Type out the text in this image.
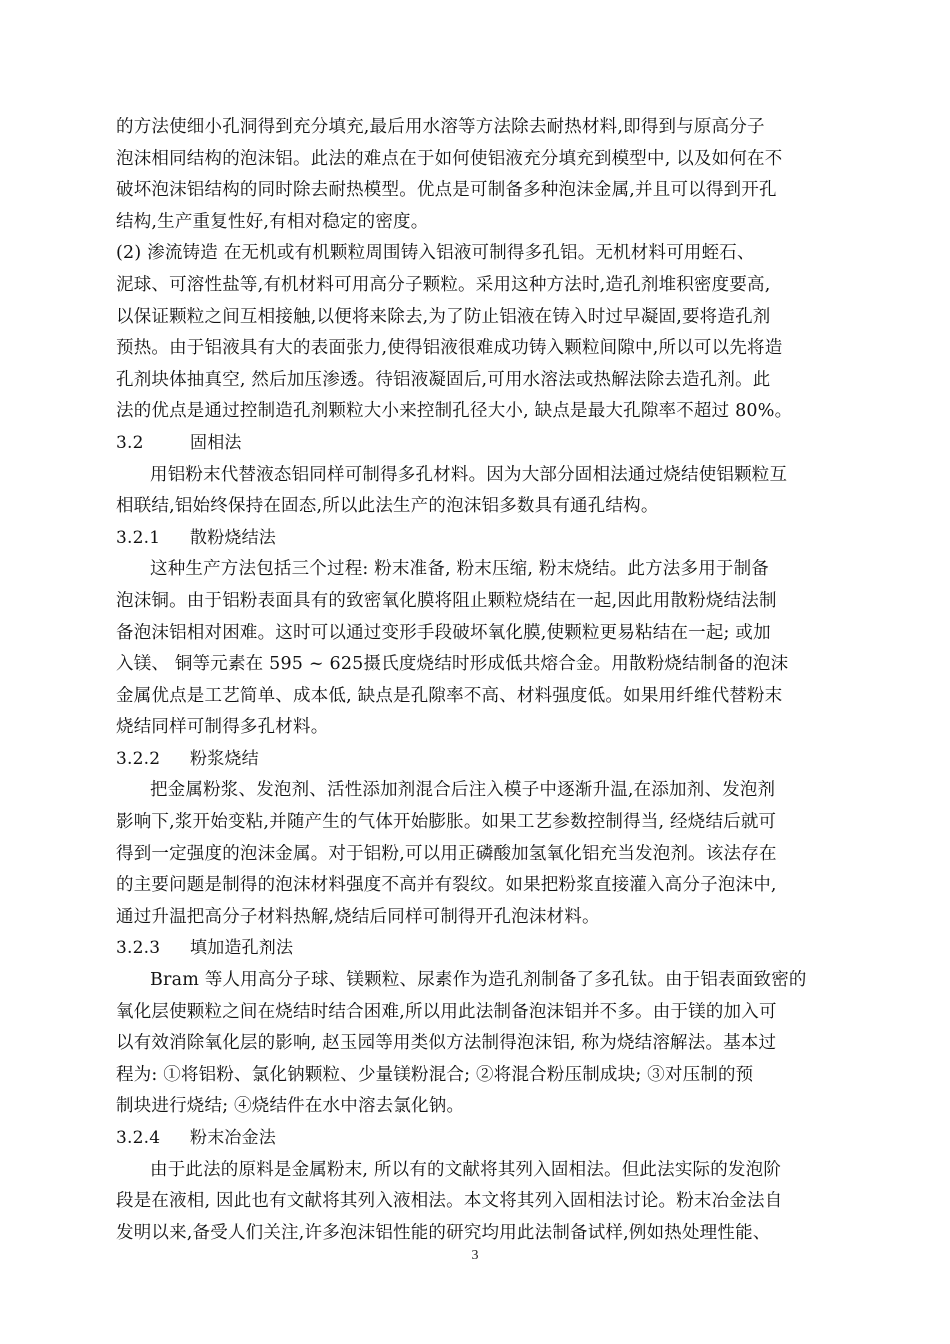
的方法使细小孔洞得到充分填充,最后用水溶等方法除去耐热材料,即得到与原高分子
泡沫相同结构的泡沫铝。此法的难点在于如何使铝液充分填充到模型中, 以及如何在不
破坏泡沫铝结构的同时除去耐热模型。优点是可制备多种泡沫金属,并且可以得到开孔
结构,生产重复性好,有相对稳定的密度。
(2) 渗流铸造 在无机或有机颗粒周围铸入铝液可制得多孔铝。无机材料可用蛭石、
泥球、可溶性盐等,有机材料可用高分子颗粒。采用这种方法时,造孔剂堆积密度要高,
以保证颗粒之间互相接触,以便将来除去,为了防止铝液在铸入时过早凝固,要将造孔剂
预热。由于铝液具有大的表面张力,使得铝液很难成功铸入颗粒间隙中,所以可以先将造
孔剂块体抽真空, 然后加压渗透。待铝液凝固后,可用水溶法或热解法除去造孔剂。此
法的优点是通过控制造孔剂颗粒大小来控制孔径大小, 缺点是最大孔隙率不超过 80%。
3.2	固相法
用铝粉末代替液态铝同样可制得多孔材料。因为大部分固相法通过烧结使铝颗粒互
相联结,铝始终保持在固态,所以此法生产的泡沫铝多数具有通孔结构。
3.2.1 散粉烧结法
这种生产方法包括三个过程: 粉末准备, 粉末压缩, 粉末烧结。此方法多用于制备
泡沫铜。由于铝粉表面具有的致密氧化膜将阻止颗粒烧结在一起,因此用散粉烧结法制
备泡沫铝相对困难。这时可以通过变形手段破坏氧化膜,使颗粒更易粘结在一起; 或加
入镁、 铜等元素在 595 ~ 625摄氏度烧结时形成低共熔合金。用散粉烧结制备的泡沫
金属优点是工艺简单、成本低, 缺点是孔隙率不高、材料强度低。如果用纤维代替粉末
烧结同样可制得多孔材料。
3.2.2 粉浆烧结
把金属粉浆、发泡剂、活性添加剂混合后注入模子中逐渐升温,在添加剂、发泡剂
影响下,浆开始变粘,并随产生的气体开始膨胀。如果工艺参数控制得当, 经烧结后就可
得到一定强度的泡沫金属。对于铝粉,可以用正磷酸加氢氧化铝充当发泡剂。该法存在
的主要问题是制得的泡沫材料强度不高并有裂纹。如果把粉浆直接灌入高分子泡沫中,
通过升温把高分子材料热解,烧结后同样可制得开孔泡沫材料。
3.2.3 填加造孔剂法
Bram 等人用高分子球、镁颗粒、尿素作为造孔剂制备了多孔钛。由于铝表面致密的
氧化层使颗粒之间在烧结时结合困难,所以用此法制备泡沫铝并不多。由于镁的加入可
以有效消除氧化层的影响, 赵玉园等用类似方法制得泡沫铝, 称为烧结溶解法。基本过
程为: ①将铝粉、氯化钠颗粒、少量镁粉混合; ②将混合粉压制成块; ③对压制的预
制块进行烧结; ④烧结件在水中溶去氯化钠。
3.2.4 粉末冶金法
由于此法的原料是金属粉末, 所以有的文献将其列入固相法。但此法实际的发泡阶
段是在液相, 因此也有文献将其列入液相法。本文将其列入固相法讨论。粉末冶金法自
发明以来,备受人们关注,许多泡沫铝性能的研究均用此法制备试样,例如热处理性能、
3
